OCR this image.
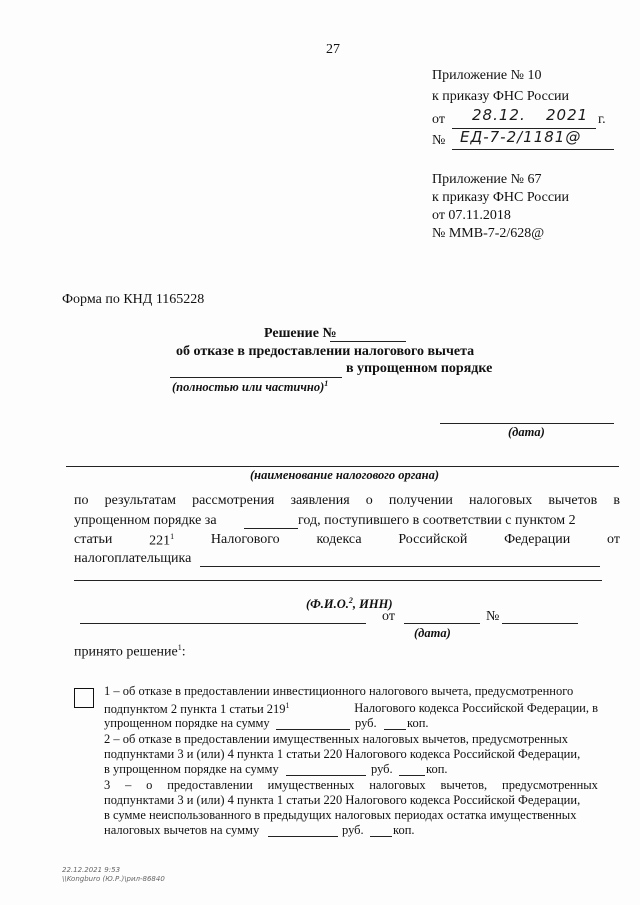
27
Приложение № 10
к приказу ФНС России
от 28.12. 2021 г.
№ ЕД-7-2/1181@
Приложение № 67
к приказу ФНС России
от 07.11.2018
№ ММВ-7-2/628@
Форма по КНД 1165228
Решение №
об отказе в предоставлении налогового вычета
в упрощенном порядке
(полностью или частично)$^1$
(дата)
(наименование налогового органа)
по результатам рассмотрения заявления о получении налоговых вычетов в
упрощенном порядке за	год, поступившего в соответствии с пунктом 2
статьи	$221^1$	Налогового	кодекса	Российской	Федерации	от
налогоплательщика
(Ф.И.О.$^2$, ИНН)
от	№
(дата)
принято решение$^1$:
1 – об отказе в предоставлении инвестиционного налогового вычета, предусмотренного
подпунктом 2 пункта 1 статьи $219^1$	Налогового кодекса Российской Федерации, в
упрощенном порядке на сумму	руб. коп.
2 – об отказе в предоставлении имущественных налоговых вычетов, предусмотренных
подпунктами 3 и (или) 4 пункта 1 статьи 220 Налогового кодекса Российской Федерации,
в упрощенном порядке на сумму	руб.	коп.
3 – о предоставлении имущественных налоговых вычетов, предусмотренных
подпунктами 3 и (или) 4 пункта 1 статьи 220 Налогового кодекса Российской Федерации,
в сумме неиспользованного в предыдущих налоговых периодах остатка имущественных
налоговых вычетов на сумму	руб. коп.
22.12.2021 9:53
\\Kongburo (Ю.Р.)\рил-86840
